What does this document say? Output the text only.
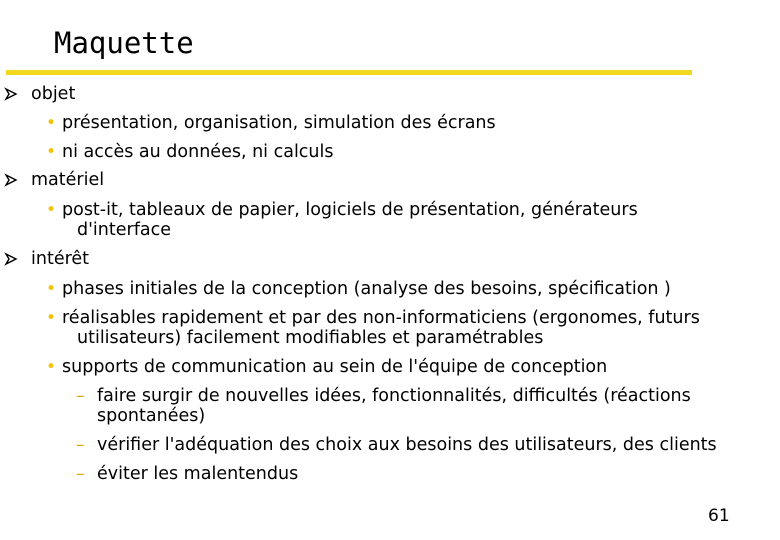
Maquette
objet
• présentation, organisation, simulation des écrans
• ni accès au données, ni calculs
matériel
• post-it, tableaux de papier, logiciels de présentation, générateurs
d'interface
intérêt
• phases initiales de la conception (analyse des besoins, spécification )
• réalisables rapidement et par des non-informaticiens (ergonomes, futurs
utilisateurs) facilement modifiables et paramétrables
• supports de communication au sein de l'équipe de conception
– faire surgir de nouvelles idées, fonctionnalités, difficultés (réactions
spontanées)
– vérifier l'adéquation des choix aux besoins des utilisateurs, des clients
– éviter les malentendus
61
